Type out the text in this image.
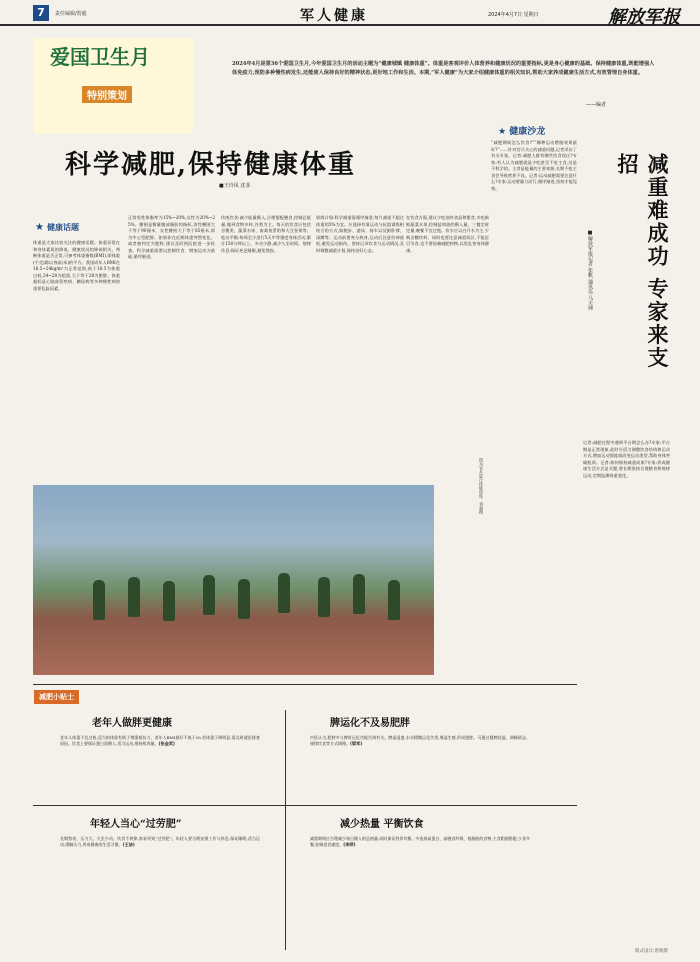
7	责任编辑/贺毅	军人健康	2024年4月7日 星期日	解放军报
爱国卫生月
特别策划
2024年4月是第36个爱国卫生月,今年爱国卫生月的活动主题为“健康城镇 健康体重”。体重是客观评价人体营养和健康状况的重要指标,更是身心健康的基础。保持健康体重,既能增强人体免疫力,预防多种慢性病发生,还能使人保持良好的精神状态,更好地工作和生活。本期,“军人健康”为大家介绍健康体重的相关知识,帮助大家养成健康生活方式,有效管理自身体重。
——编者
科学减肥,保持健康体重
■王玲凤 沈菲
★ 健康话题
体重是大家比较关注的健康话题。体重异常在和身体素质的降低、健康状况的降低相关。判断体重是否正常,可参考体重指数(BMI),即体重(千克)除以身高(米)的平方。我国成年人BMI在18.5~24kg/m²为正常范围,低于18.5为体重过低,24~28为超重,大于等于28为肥胖。体重超标是心脑血管疾病、糖尿病等多种慢性病的重要危险因素。
正常男性体脂率为15%~20%,女性为20%~25%。腰围是衡量腹部脂肪的指标,男性腰围大于等于90厘米、女性腰围大于等于85厘米,即为中心型肥胖。如果你在近期体重突然变化、或者被判定为肥胖,建议及时到医院进一步检查。科学减重需要以控制饮食、增加运动为基础,循序渐进。
传统饮食:减少能量摄入,合理搭配膳食,控制总能量,做到食物多样,谷类为主。每天的饮食应包括谷薯类、蔬菜水果、畜禽鱼蛋奶和大豆坚果等。吃动平衡:每周至少进行5天中等强度身体活动,累计150分钟以上。多动少静,减少久坐时间。规律作息:保证充足睡眠,避免熬夜。
训练计划:科学减重需循序渐进,每月减重不超过体重的5%为宜。应选择有氧运动与抗阻训练相结合的方式,如跑步、游泳、骑车以及俯卧撑、深蹲等。运动前要充分热身,运动后注意拉伸放松,避免运动损伤。坚持记录饮食与运动情况,及时调整减重计划,保持良好心态。
在饮食方面,建议少吃油炸食品和甜食,多吃新鲜蔬菜水果,控制盐和油的摄入量。三餐定时定量,晚餐不宜过饱。饮水应以白开水为主,少喝含糖饮料。同时也要注意减重误区,不能盲目节食,也不要依赖减肥药物,以免危害身体健康。
图为官兵进行体能训练。刘超摄
★ 健康沙龙
“减肥期间怎么饮食?”“哪种运动燃脂效果最好?”……针对官兵关心的减重问题,记者采访了有关专家。记者:减肥人群有哪些饮食误区?专家:有人认为减肥就是少吃甚至不吃主食,这是不科学的。主食是能量的主要来源,长期不吃主食会导致营养不良。记者:运动减肥需要注意什么?专家:运动要量力而行,循序渐进,坚持才能见效。	减重难成功 专家来支招
■解放军报记者 张帆 通讯员 马天坤
记者:减肥过程中遇到平台期怎么办?专家:平台期是正常现象,此时应适当调整饮食结构和运动方式,增加运动强度或改变运动类型,帮助身体突破瓶颈。记者:如何保持减重成果?专家:养成健康生活方式是关键,要长期坚持合理膳食和规律运动,定期监测体重变化。
减肥小贴士
老年人做胖更健康
老年人体重不宜过低,适当的体重有助于增强抵抗力。老年人BMI最好不低于20,若体重下降明显,需及时就医排查原因。饮食上要保证蛋白质摄入,适当运动,维持肌肉量。(张金武)
脾运化不及易肥胖
中医认为,肥胖多与脾胃运化功能失调有关。脾虚湿盛,水谷精微运化失常,聚湿生痰,形成肥胖。可通过健脾祛湿、调畅情志、规律饮食等方式调理。(梁军)
年轻人当心“过劳肥”
长期熬夜、压力大、久坐少动、饮食不规律,容易导致“过劳肥”。年轻人要合理安排工作与休息,保证睡眠,适当运动,缓解压力,养成健康的生活习惯。(王洁)
减少热量 平衡饮食
减重期间应合理减少每日摄入的总热量,同时保证营养均衡。多选择高蛋白、高膳食纤维、低脂肪的食物,主食粗细搭配,少食多餐,控制进食速度。(李萍)
版式设计:唐晓黎
